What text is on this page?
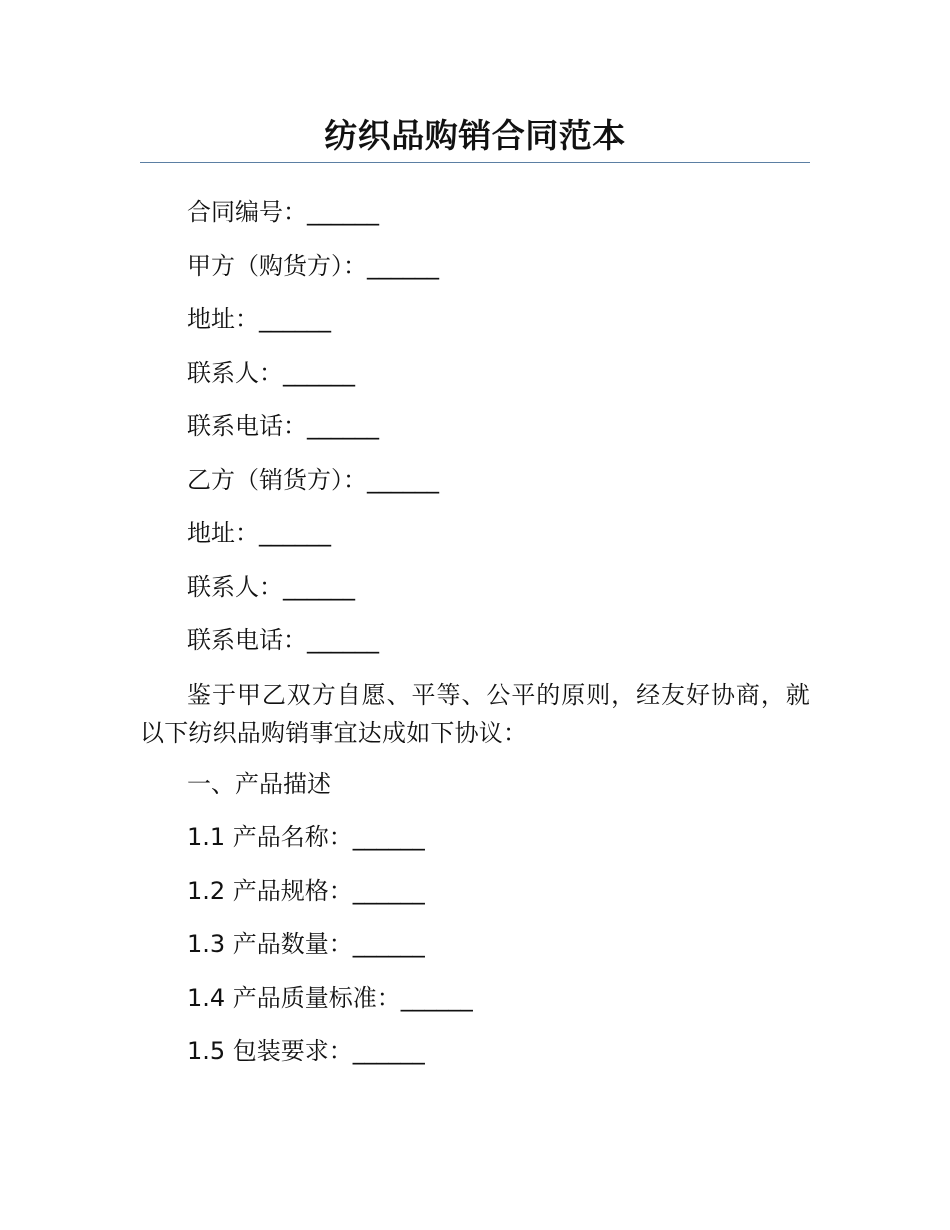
纺织品购销合同范本
合同编号：______
甲方（购货方）：______
地址：______
联系人：______
联系电话：______
乙方（销货方）：______
地址：______
联系人：______
联系电话：______
鉴于甲乙双方自愿、平等、公平的原则，经友好协商，就以下纺织品购销事宜达成如下协议：
一、产品描述
1.1 产品名称：______
1.2 产品规格：______
1.3 产品数量：______
1.4 产品质量标准：______
1.5 包装要求：______
